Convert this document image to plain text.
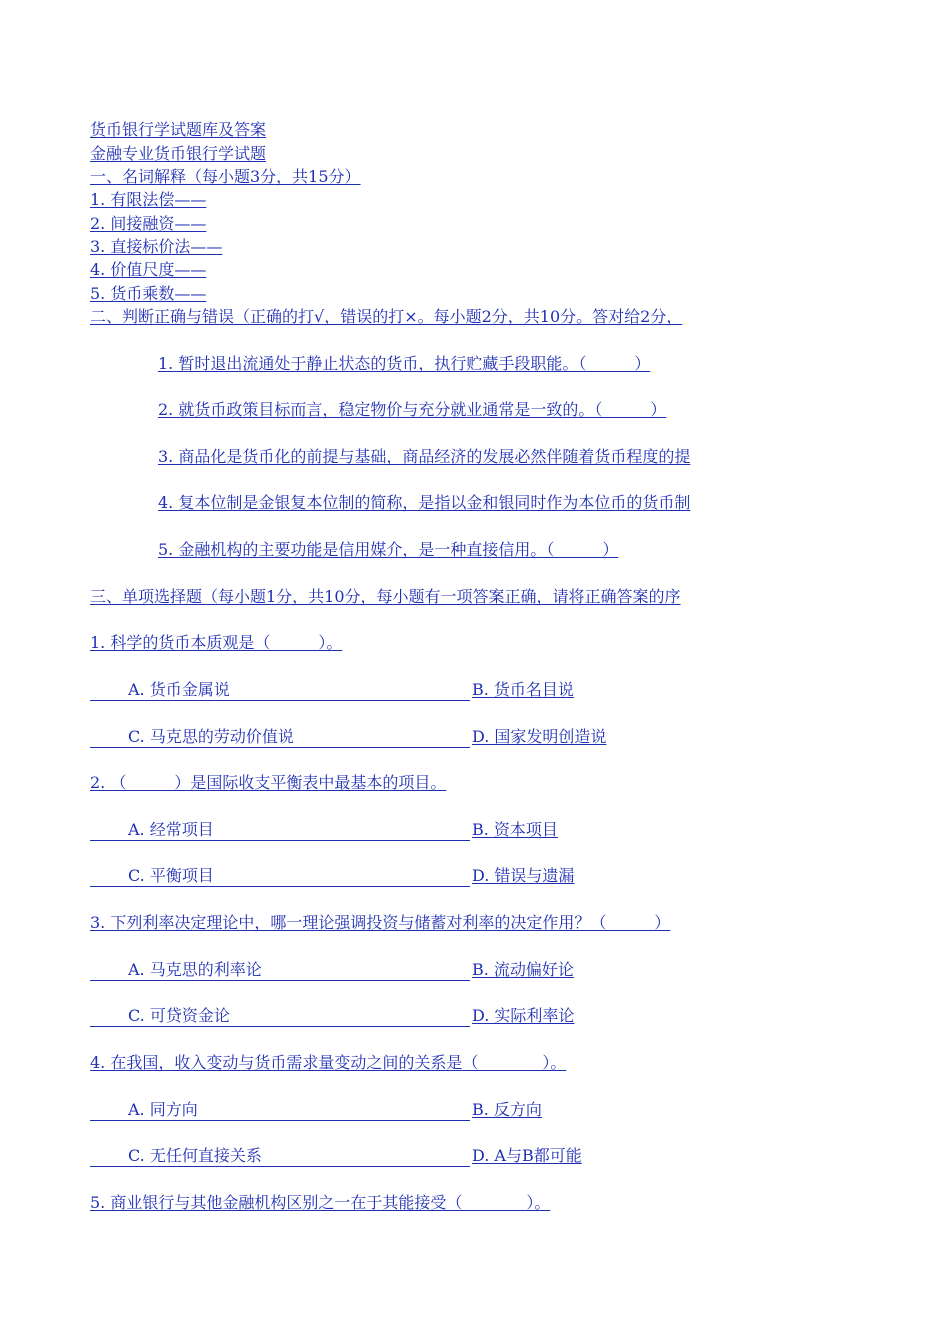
货币银行学试题库及答案
金融专业货币银行学试题
一、名词解释（每小题3分，共15分）
1. 有限法偿——
2. 间接融资——
3. 直接标价法——
4. 价值尺度——
5. 货币乘数——
二、判断正确与错误（正确的打√，错误的打×。每小题2分，共10分。答对给2分，
1. 暂时退出流通处于静止状态的货币，执行贮藏手段职能。（　　　）
2. 就货币政策目标而言，稳定物价与充分就业通常是一致的。（　　　）
3. 商品化是货币化的前提与基础，商品经济的发展必然伴随着货币程度的提
4. 复本位制是金银复本位制的简称，是指以金和银同时作为本位币的货币制
5. 金融机构的主要功能是信用媒介，是一种直接信用。（　　　）
三、单项选择题（每小题1分，共10分，每小题有一项答案正确，请将正确答案的序
1. 科学的货币本质观是（　　　）。
A. 货币金属说	B. 货币名目说
C. 马克思的劳动价值说	D. 国家发明创造说
2. （　　　）是国际收支平衡表中最基本的项目。
A. 经常项目	B. 资本项目
C. 平衡项目	D. 错误与遗漏
3. 下列利率决定理论中，哪一理论强调投资与储蓄对利率的决定作用？（　　　）
A. 马克思的利率论	B. 流动偏好论
C. 可贷资金论	D. 实际利率论
4. 在我国，收入变动与货币需求量变动之间的关系是（　　　　）。
A. 同方向	B. 反方向
C. 无任何直接关系	D. A与B都可能
5. 商业银行与其他金融机构区别之一在于其能接受（　　　　）。
